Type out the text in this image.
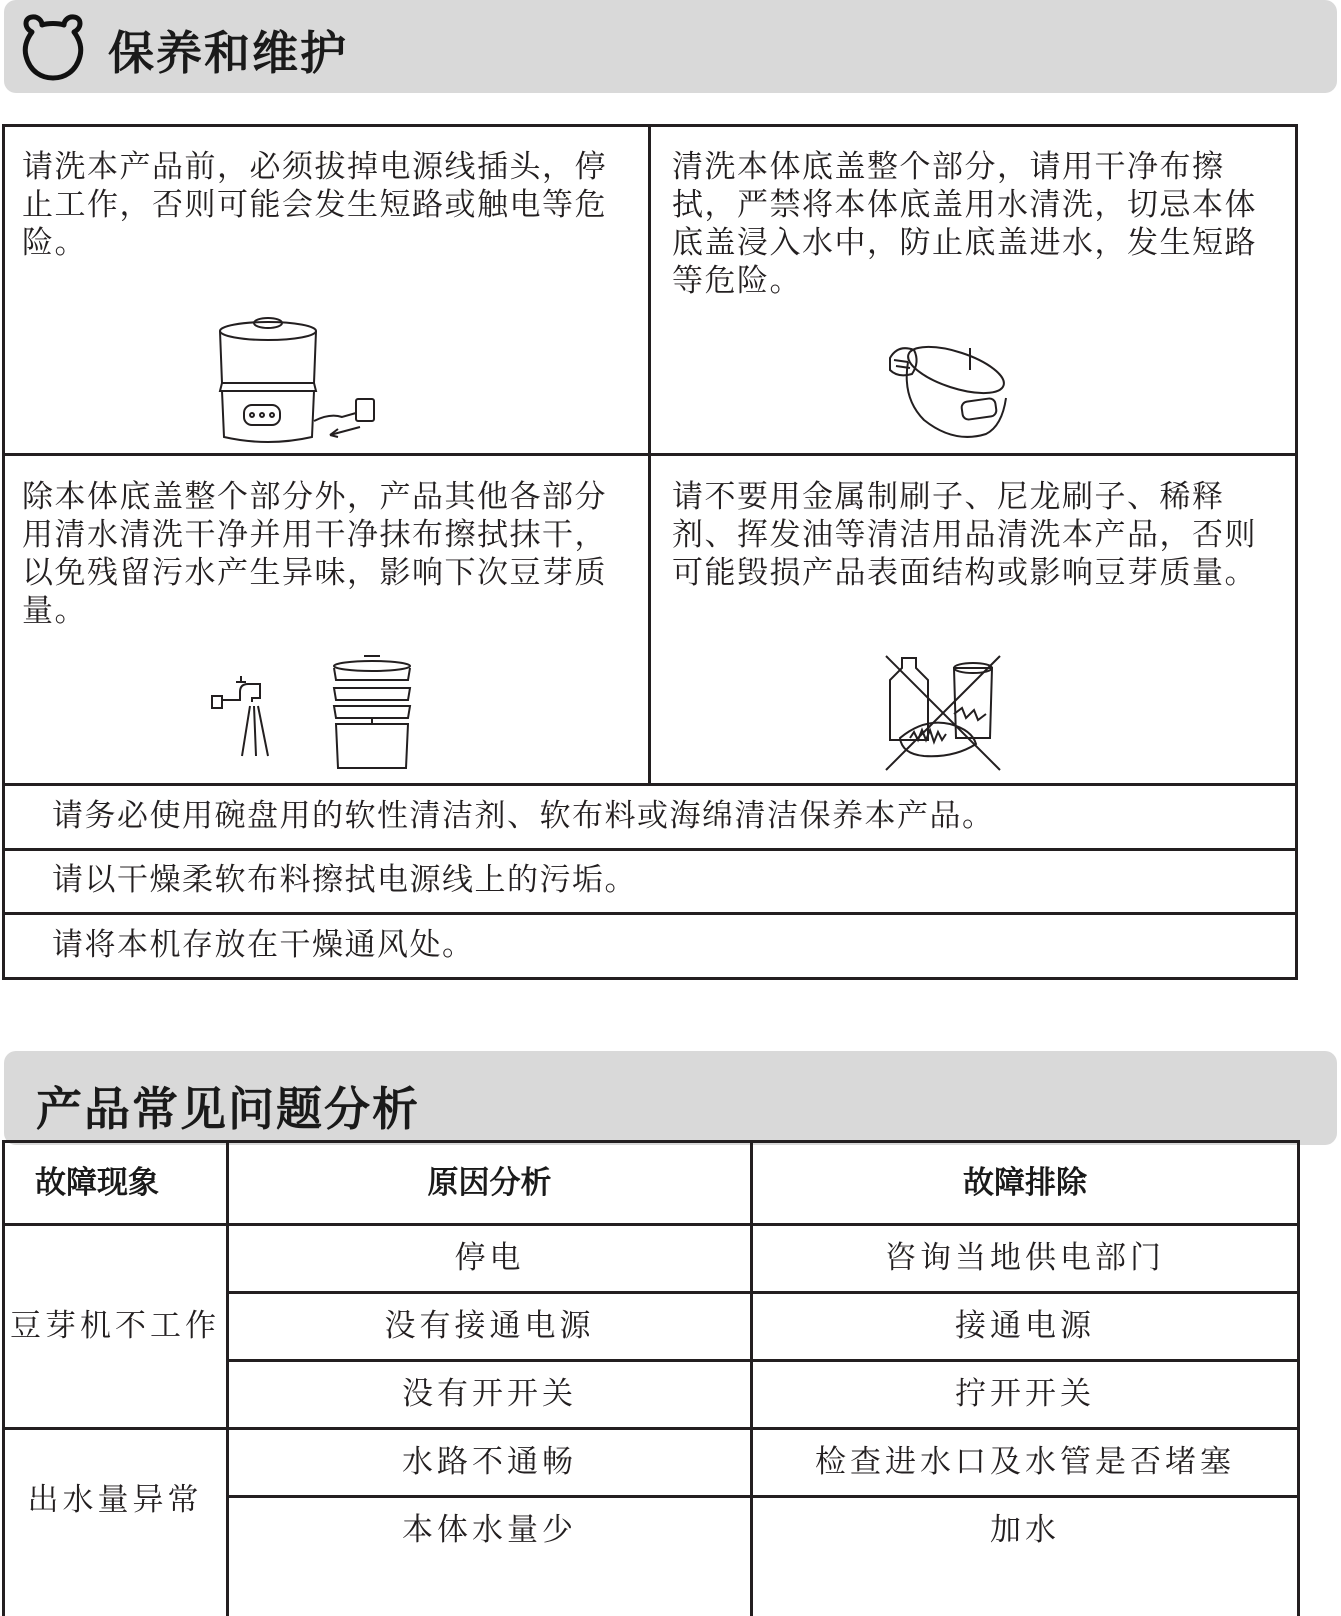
保养和维护
请洗本产品前，必须拔掉电源线插头，停止工作，否则可能会发生短路或触电等危险。
清洗本体底盖整个部分，请用干净布擦拭，严禁将本体底盖用水清洗，切忌本体底盖浸入水中，防止底盖进水，发生短路等危险。
除本体底盖整个部分外，产品其他各部分用清水清洗干净并用干净抹布擦拭抹干，以免残留污水产生异味，影响下次豆芽质量。
请不要用金属制刷子、尼龙刷子、稀释剂、挥发油等清洁用品清洗本产品，否则可能毁损产品表面结构或影响豆芽质量。
请务必使用碗盘用的软性清洁剂、软布料或海绵清洁保养本产品。
请以干燥柔软布料擦拭电源线上的污垢。
请将本机存放在干燥通风处。
产品常见问题分析
故障现象	原因分析	故障排除
豆芽机不工作
停电	咨询当地供电部门
没有接通电源	接通电源
没有开开关	拧开开关
出水量异常
水路不通畅	检查进水口及水管是否堵塞
本体水量少	加水
